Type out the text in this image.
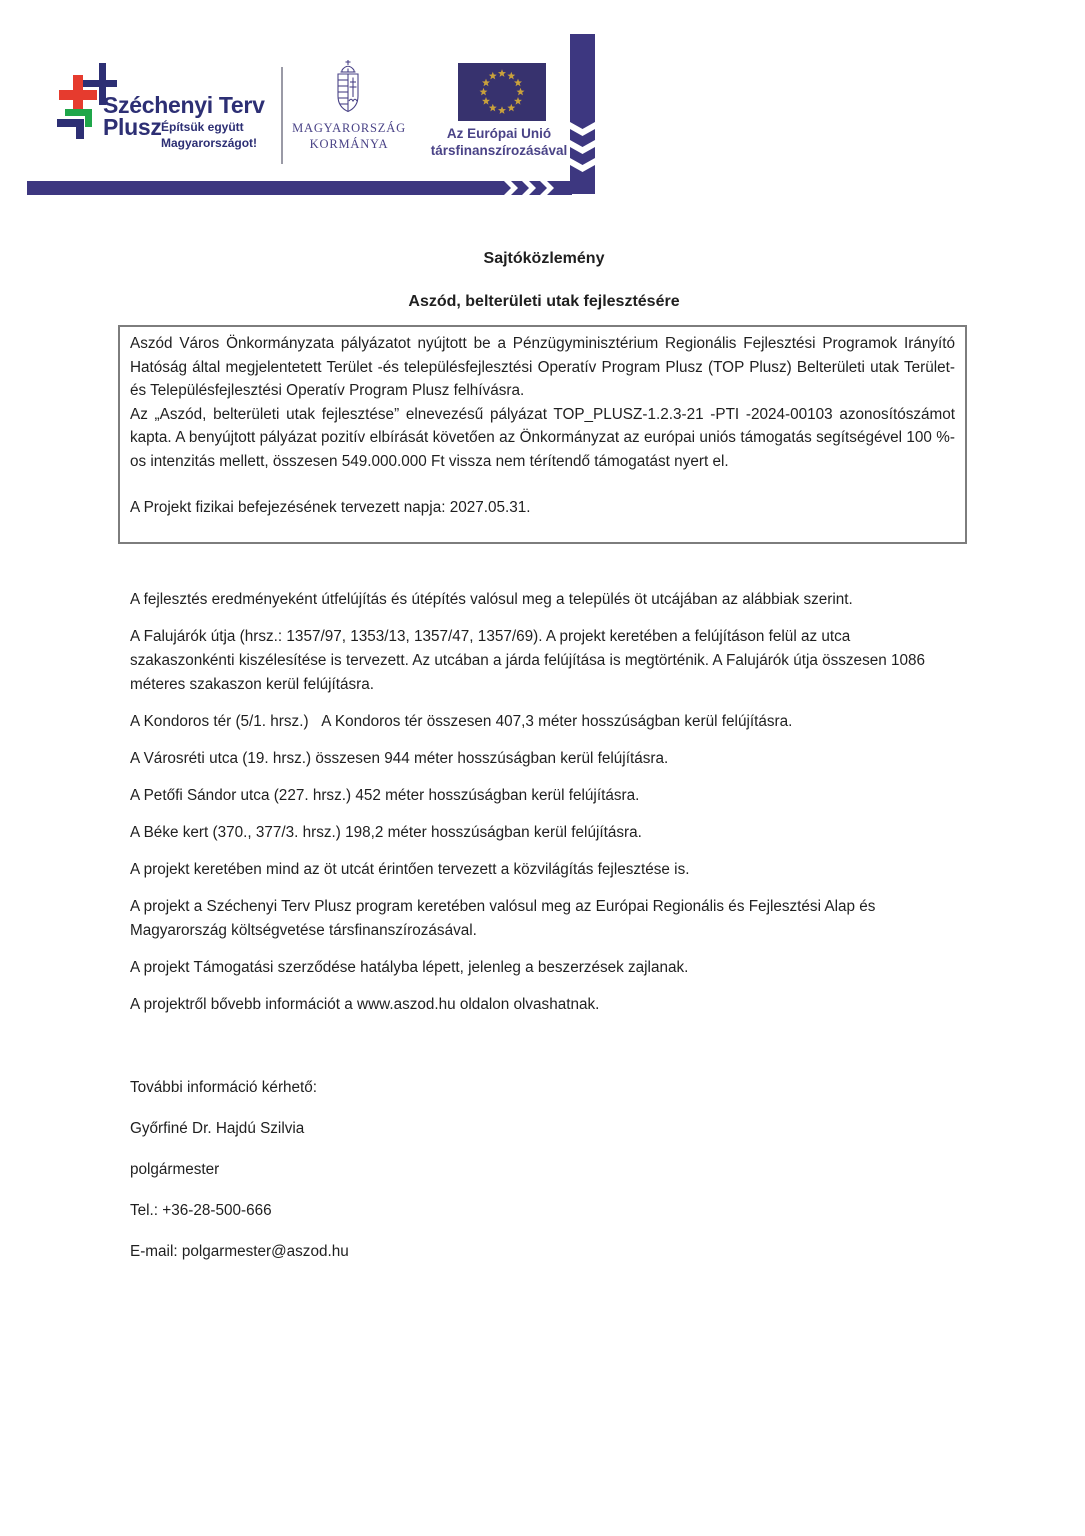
Széchenyi Terv
Plusz Építsük együtt
Magyarországot!
MAGYARORSZÁG
KORMÁNYA
Az Európai Unió
társfinanszírozásával
Sajtóközlemény
Aszód, belterületi utak fejlesztésére

Aszód Város Önkormányzata pályázatot nyújtott be a Pénzügyminisztérium Regionális Fejlesztési Programok Irányító Hatóság által megjelentetett Terület -és településfejlesztési Operatív Program Plusz (TOP Plusz) Belterületi utak Terület-és Településfejlesztési Operatív Program Plusz felhívásra.

Az „Aszód, belterületi utak fejlesztése” elnevezésű pályázat TOP_PLUSZ-1.2.3-21 -PTI -2024-00103 azonosítószámot kapta. A benyújtott pályázat pozitív elbírását követően az Önkormányzat az európai uniós támogatás segítségével 100 %-os intenzitás mellett, összesen 549.000.000 Ft vissza nem térítendő támogatást nyert el.

A Projekt fizikai befejezésének tervezett napja: 2027.05.31.

A fejlesztés eredményeként útfelújítás és útépítés valósul meg a település öt utcájában az alábbiak szerint.

A Falujárók útja (hrsz.: 1357/97, 1353/13, 1357/47, 1357/69). A projekt keretében a felújításon felül az utca szakaszonkénti kiszélesítése is tervezett. Az utcában a járda felújítása is megtörténik. A Falujárók útja összesen 1086 méteres szakaszon kerül felújításra.

A Kondoros tér (5/1. hrsz.)   A Kondoros tér összesen 407,3 méter hosszúságban kerül felújításra.

A Városréti utca (19. hrsz.) összesen 944 méter hosszúságban kerül felújításra.

A Petőfi Sándor utca (227. hrsz.) 452 méter hosszúságban kerül felújításra.

A Béke kert (370., 377/3. hrsz.) 198,2 méter hosszúságban kerül felújításra.

A projekt keretében mind az öt utcát érintően tervezett a közvilágítás fejlesztése is.

A projekt a Széchenyi Terv Plusz program keretében valósul meg az Európai Regionális és Fejlesztési Alap és Magyarország költségvetése társfinanszírozásával.

A projekt Támogatási szerződése hatályba lépett, jelenleg a beszerzések zajlanak.

A projektről bővebb információt a www.aszod.hu oldalon olvashatnak.

További információ kérhető:

Győrfiné Dr. Hajdú Szilvia

polgármester

Tel.: +36-28-500-666

E-mail: polgarmester@aszod.hu
